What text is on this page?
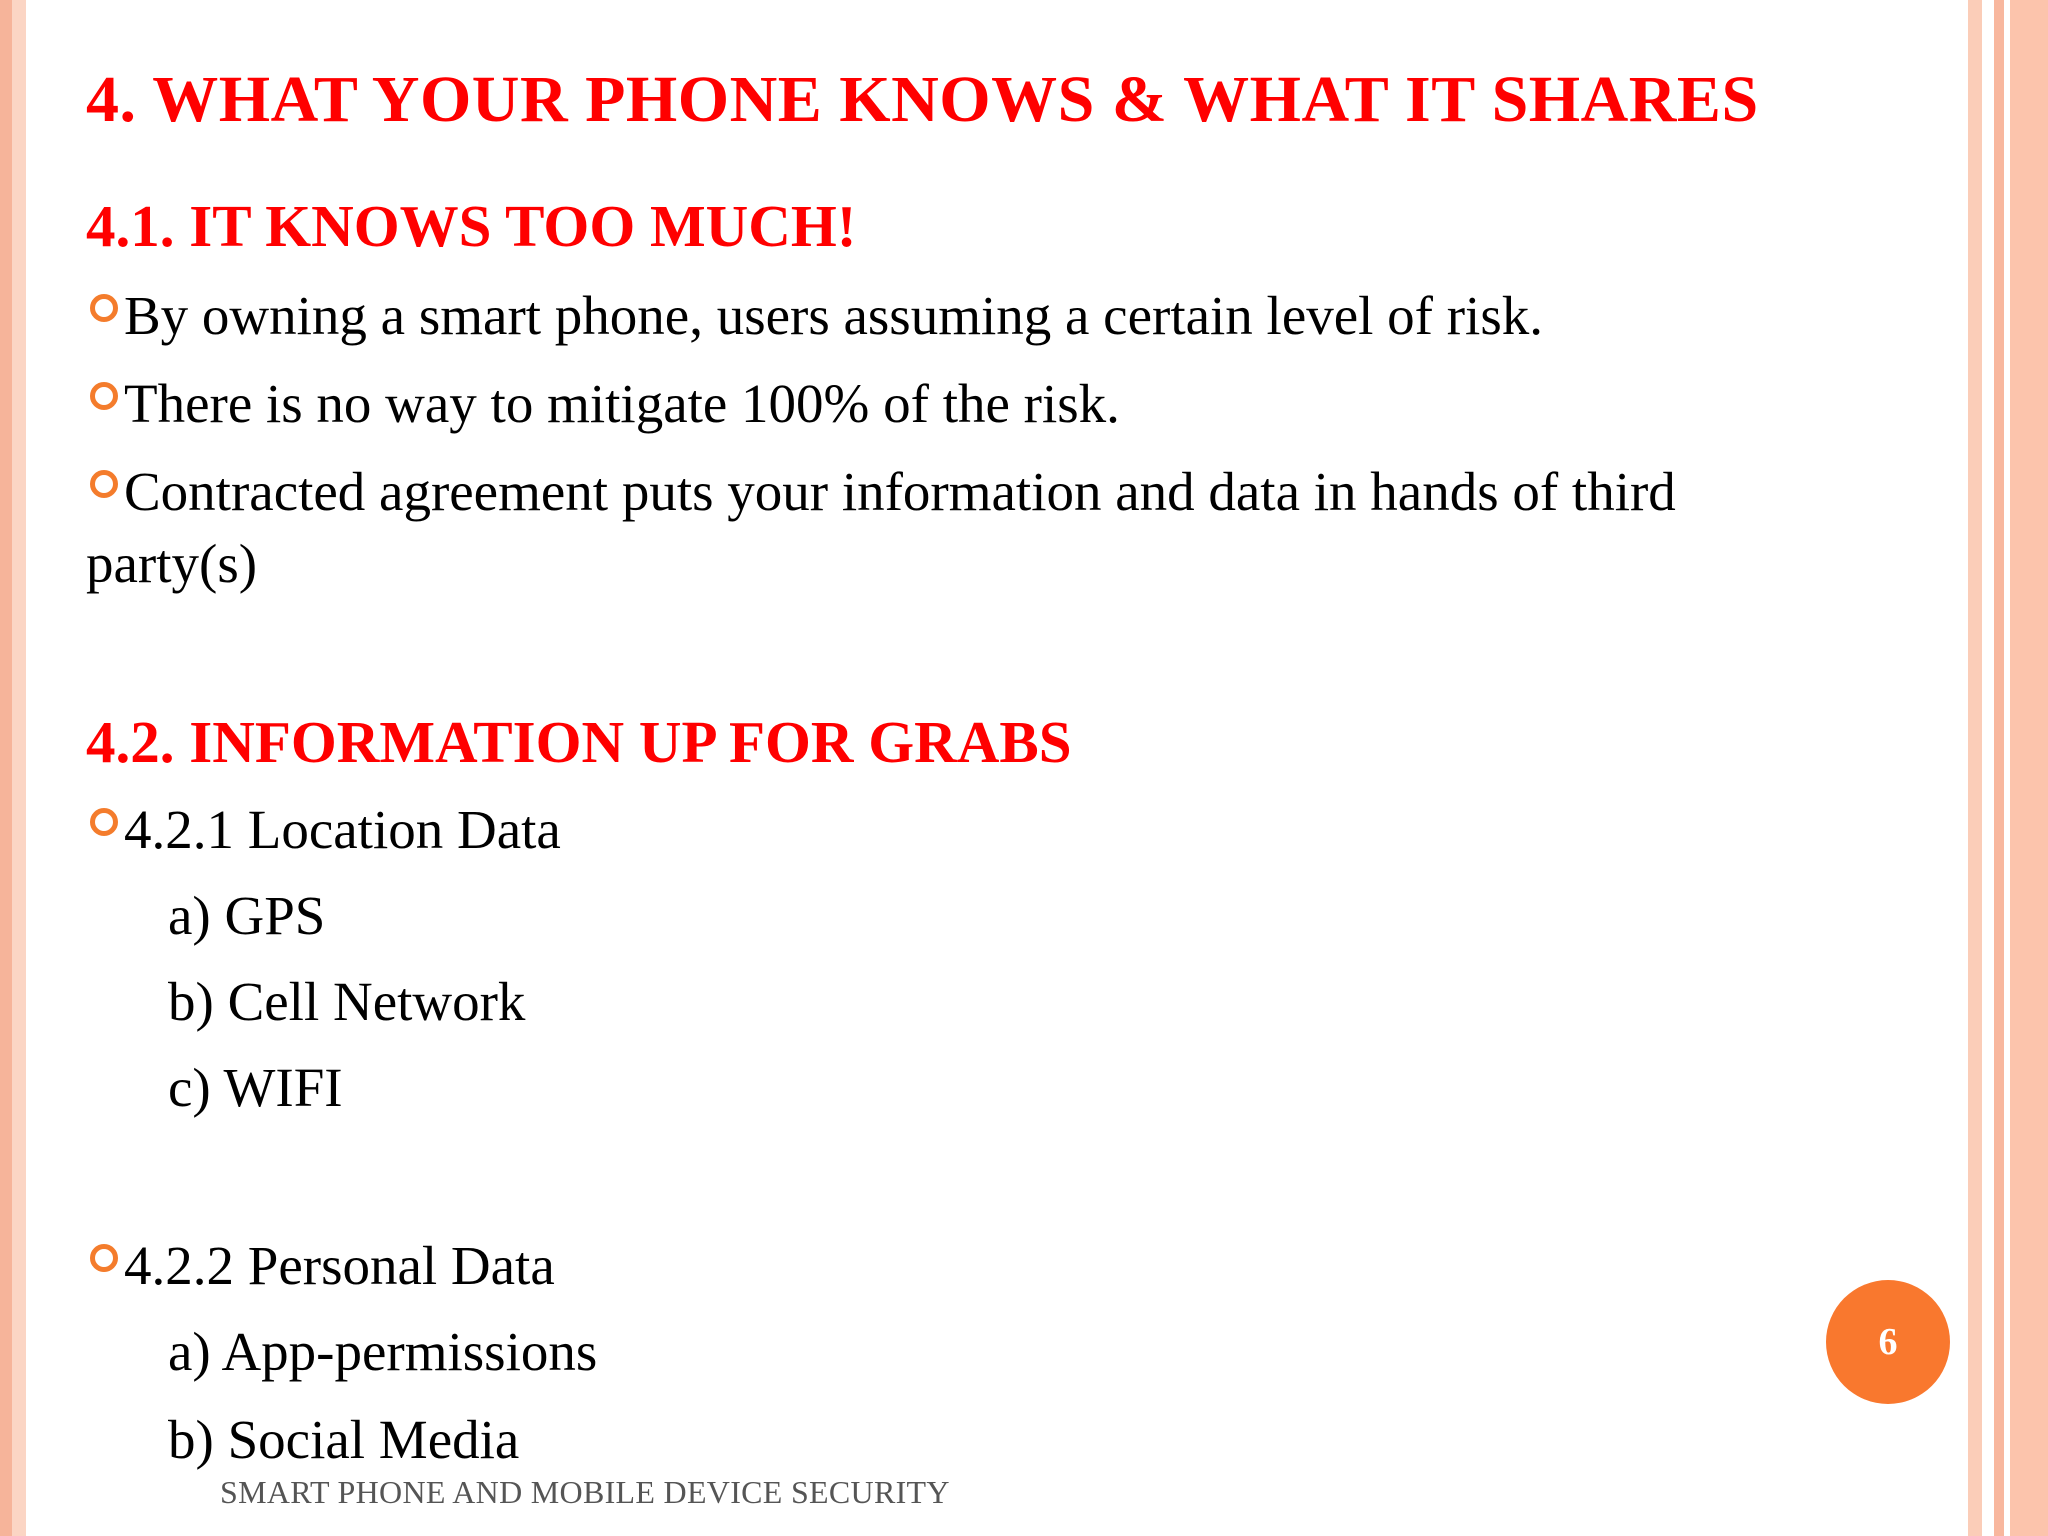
4. WHAT YOUR PHONE KNOWS & WHAT IT SHARES
4.1. IT KNOWS TOO MUCH!
By owning a smart phone, users assuming a certain level of risk.
There is no way to mitigate 100% of the risk.
Contracted agreement puts your information and data in hands of third
party(s)
4.2. INFORMATION UP FOR GRABS
4.2.1 Location Data
a) GPS
b) Cell Network
c) WIFI
4.2.2 Personal Data
a) App-permissions
b) Social Media
6
SMART PHONE AND MOBILE DEVICE SECURITY
